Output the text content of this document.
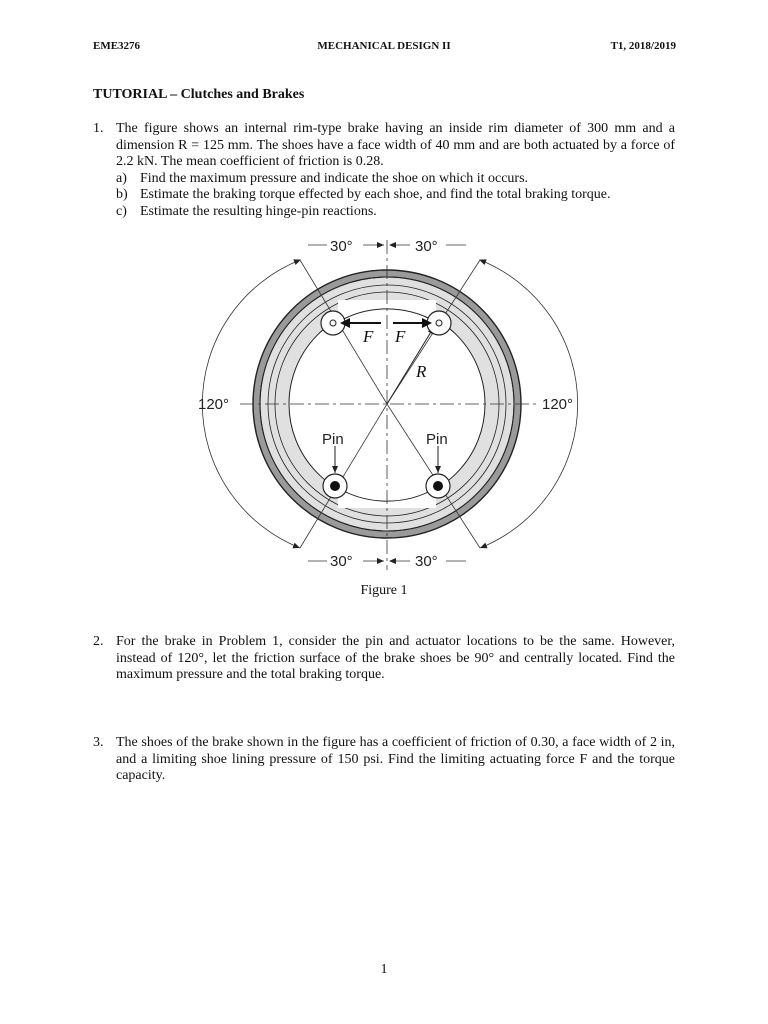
EME3276	MECHANICAL DESIGN II	T1, 2018/2019
TUTORIAL – Clutches and Brakes
1. The figure shows an internal rim-type brake having an inside rim diameter of 300 mm and a dimension R = 125 mm. The shoes have a face width of 40 mm and are both actuated by a force of 2.2 kN. The mean coefficient of friction is 0.28.
a) Find the maximum pressure and indicate the shoe on which it occurs.
b) Estimate the braking torque effected by each shoe, and find the total braking torque.
c) Estimate the resulting hinge-pin reactions.
30°	30°
120°	120°
30°	30°
F F
R
Pin	Pin
Figure 1
2. For the brake in Problem 1, consider the pin and actuator locations to be the same. However, instead of 120°, let the friction surface of the brake shoes be 90° and centrally located. Find the maximum pressure and the total braking torque.
3. The shoes of the brake shown in the figure has a coefficient of friction of 0.30, a face width of 2 in, and a limiting shoe lining pressure of 150 psi. Find the limiting actuating force F and the torque capacity.
1
